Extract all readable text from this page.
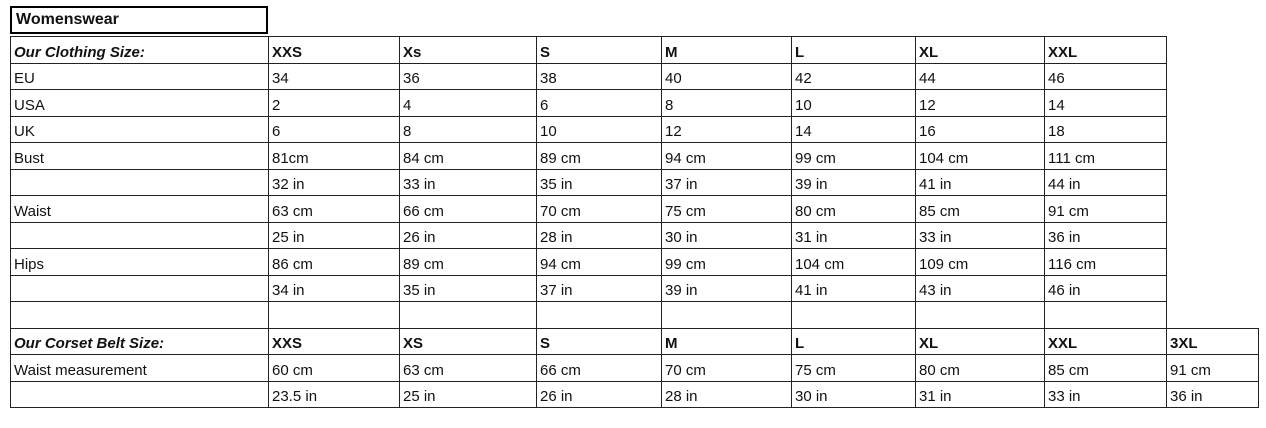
Womenswear
Our Clothing Size:	XXS	Xs	S	M	L	XL	XXL	
EU	34	36	38	40	42	44	46	
USA	2	4	6	8	10	12	14	
UK	6	8	10	12	14	16	18	
Bust	81cm	84 cm	89 cm	94 cm	99 cm	104 cm	111 cm	
	32 in	33 in	35 in	37 in	39 in	41 in	44 in	
Waist	63 cm	66 cm	70 cm	75 cm	80 cm	85 cm	91 cm	
	25 in	26 in	28 in	30 in	31 in	33 in	36 in	
Hips	86 cm	89 cm	94 cm	99 cm	104 cm	109 cm	116 cm	
	34 in	35 in	37 in	39 in	41 in	43 in	46 in	

Our Corset Belt Size:	XXS	XS	S	M	L	XL	XXL	3XL
Waist measurement	60 cm	63 cm	66 cm	70 cm	75 cm	80 cm	85 cm	91 cm
	23.5 in	25 in	26 in	28 in	30 in	31 in	33 in	36 in
